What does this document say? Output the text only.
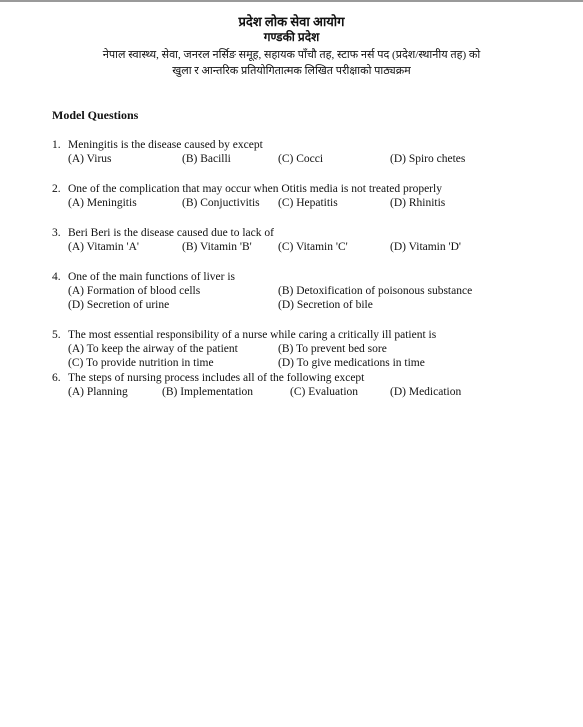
प्रदेश लोक सेवा आयोग
गण्डकी प्रदेश
नेपाल स्वास्थ्य, सेवा, जनरल नर्सिङ समूह, सहायक पाँचौ तह, स्टाफ नर्स पद (प्रदेश/स्थानीय तह) को
खुला र आन्तरिक प्रतियोगितात्मक लिखित परीक्षाको पाठ्यक्रम
Model Questions
1. Meningitis is the disease caused by except
(A) Virus	(B) Bacilli	(C) Cocci	(D) Spiro chetes
2. One of the complication that may occur when Otitis media is not treated properly
(A) Meningitis	(B) Conjuctivitis (C) Hepatitis	(D) Rhinitis
3. Beri Beri is the disease caused due to lack of
(A) Vitamin 'A'	(B) Vitamin 'B' (C) Vitamin 'C'	(D) Vitamin 'D'
4. One of the main functions of liver is
(A) Formation of blood cells	(B) Detoxification of poisonous substance
(D) Secretion of urine	(D) Secretion of bile
5. The most essential responsibility of a nurse while caring a critically ill patient is
(A) To keep the airway of the patient	(B) To prevent bed sore
(C) To provide nutrition in time	(D) To give medications in time
6. The steps of nursing process includes all of the following except
(A) Planning	(B) Implementation	(C) Evaluation	(D) Medication
